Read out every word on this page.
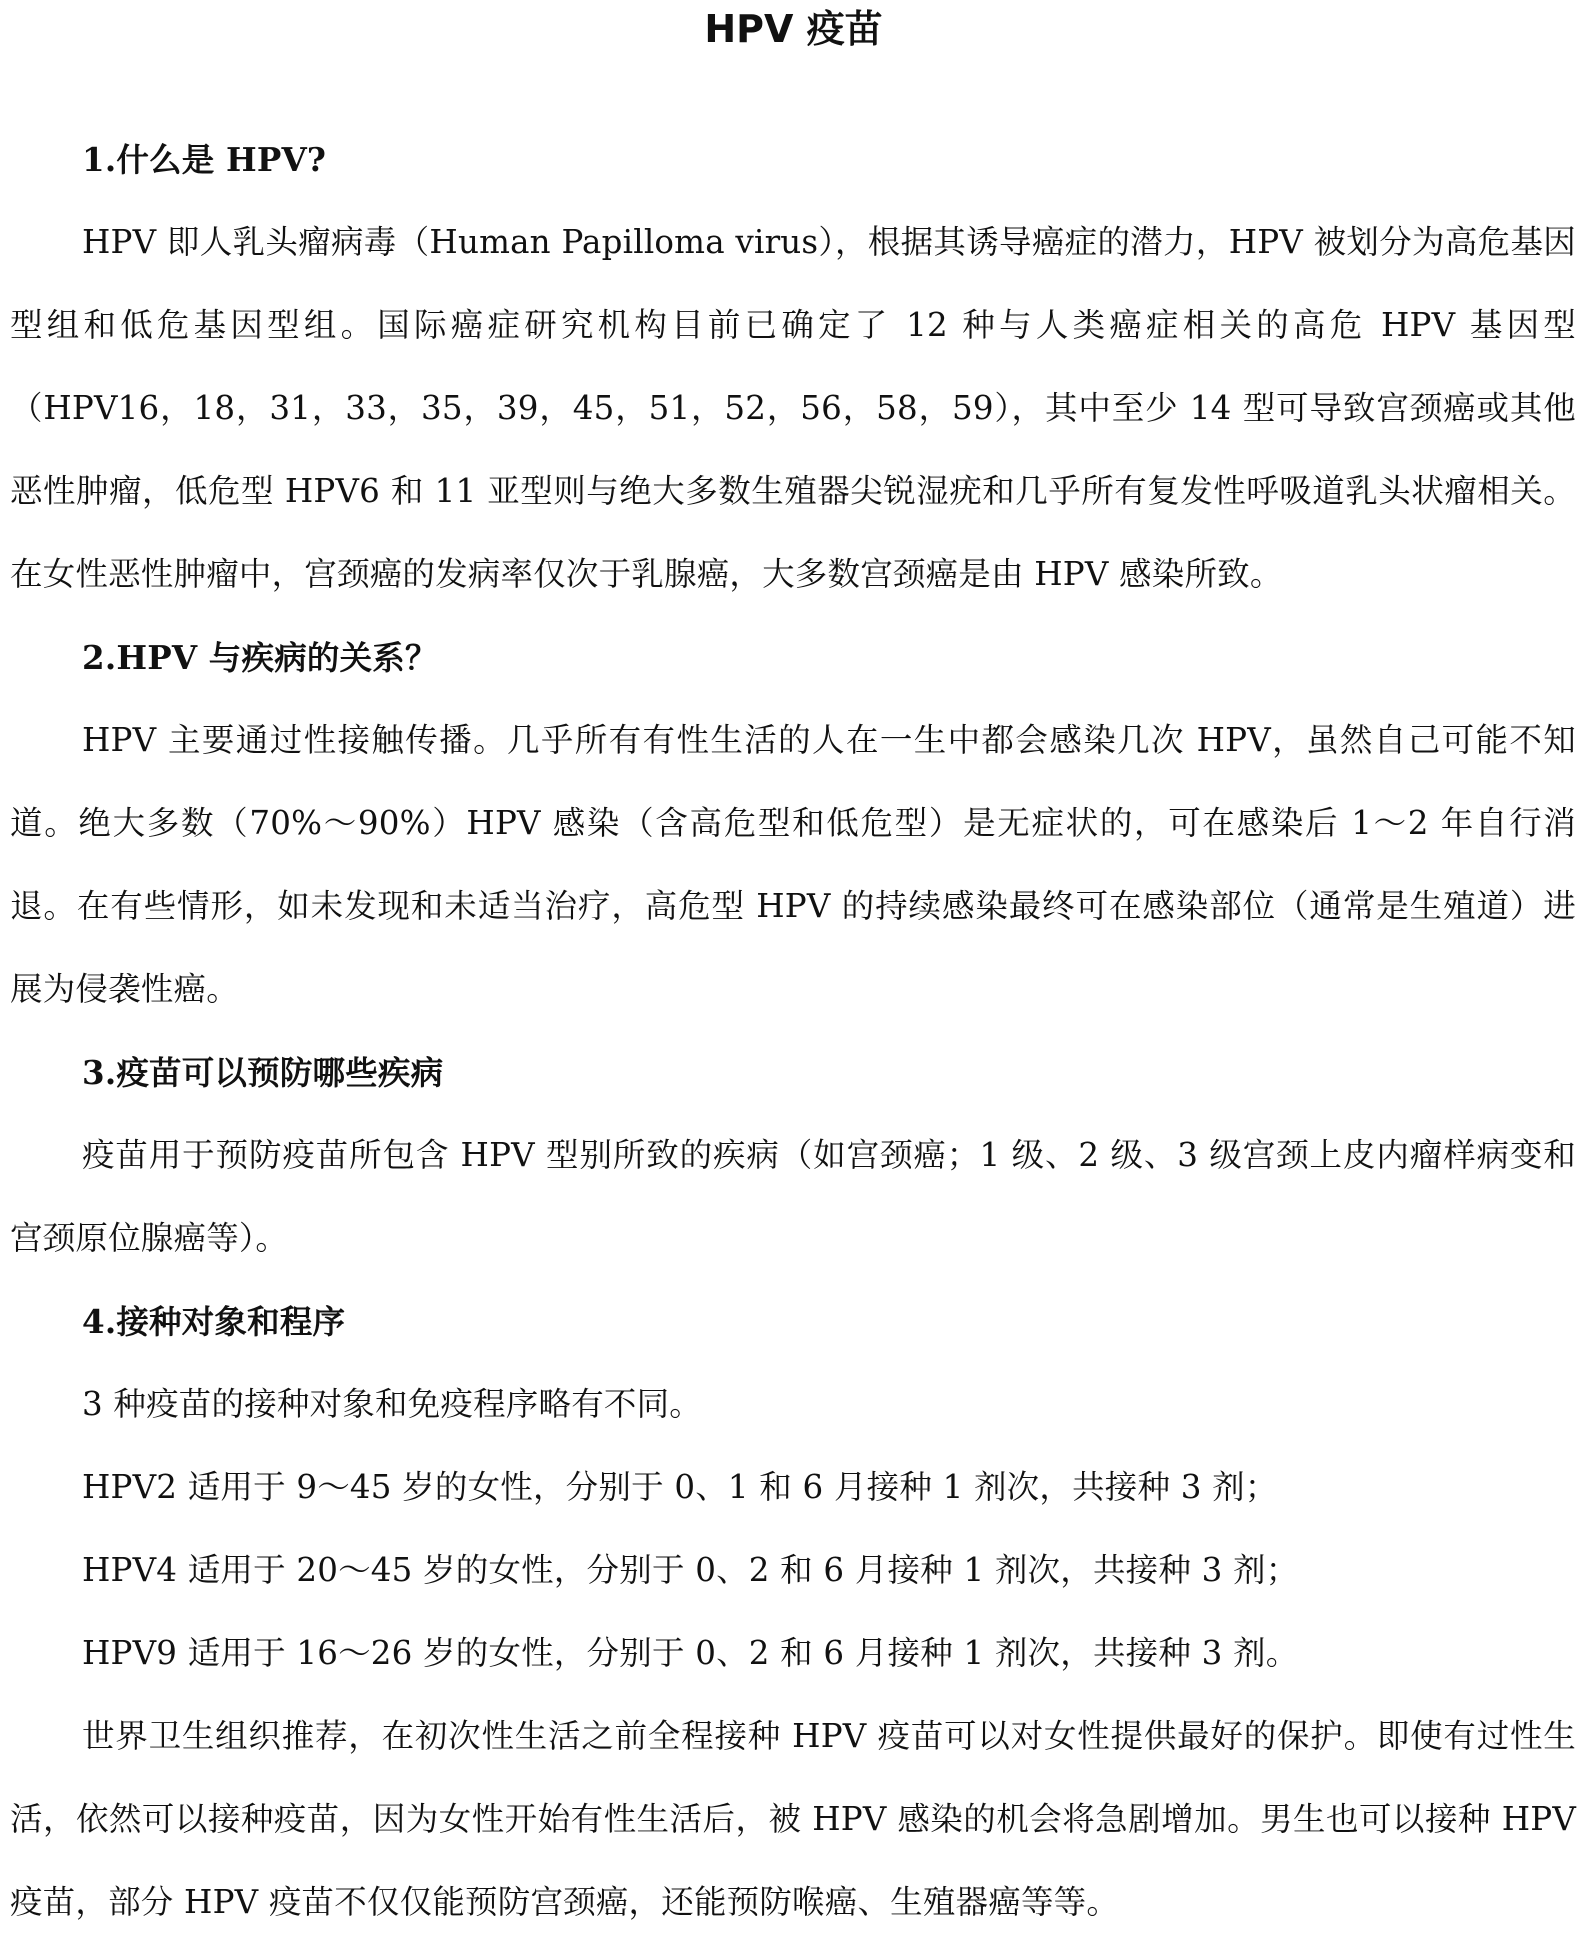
HPV 疫苗
1.什么是 HPV?

HPV 即人乳头瘤病毒（Human Papilloma virus），根据其诱导癌症的潜力，HPV 被划分为高危基因型组和低危基因型组。国际癌症研究机构目前已确定了 12 种与人类癌症相关的高危 HPV 基因型（HPV16，18，31，33，35，39，45，51，52，56，58，59），其中至少 14 型可导致宫颈癌或其他恶性肿瘤，低危型 HPV6 和 11 亚型则与绝大多数生殖器尖锐湿疣和几乎所有复发性呼吸道乳头状瘤相关。在女性恶性肿瘤中，宫颈癌的发病率仅次于乳腺癌，大多数宫颈癌是由 HPV 感染所致。

2.HPV 与疾病的关系？

HPV 主要通过性接触传播。几乎所有有性生活的人在一生中都会感染几次 HPV，虽然自己可能不知道。绝大多数（70%～90%）HPV 感染（含高危型和低危型）是无症状的，可在感染后 1～2 年自行消退。在有些情形，如未发现和未适当治疗，高危型 HPV 的持续感染最终可在感染部位（通常是生殖道）进展为侵袭性癌。

3.疫苗可以预防哪些疾病

疫苗用于预防疫苗所包含 HPV 型别所致的疾病（如宫颈癌；1 级、2 级、3 级宫颈上皮内瘤样病变和宫颈原位腺癌等）。

4.接种对象和程序

3 种疫苗的接种对象和免疫程序略有不同。

HPV2 适用于 9～45 岁的女性，分别于 0、1 和 6 月接种 1 剂次，共接种 3 剂；

HPV4 适用于 20～45 岁的女性，分别于 0、2 和 6 月接种 1 剂次，共接种 3 剂；

HPV9 适用于 16～26 岁的女性，分别于 0、2 和 6 月接种 1 剂次，共接种 3 剂。

世界卫生组织推荐，在初次性生活之前全程接种 HPV 疫苗可以对女性提供最好的保护。即使有过性生活，依然可以接种疫苗，因为女性开始有性生活后，被 HPV 感染的机会将急剧增加。男生也可以接种 HPV 疫苗，部分 HPV 疫苗不仅仅能预防宫颈癌，还能预防喉癌、生殖器癌等等。
